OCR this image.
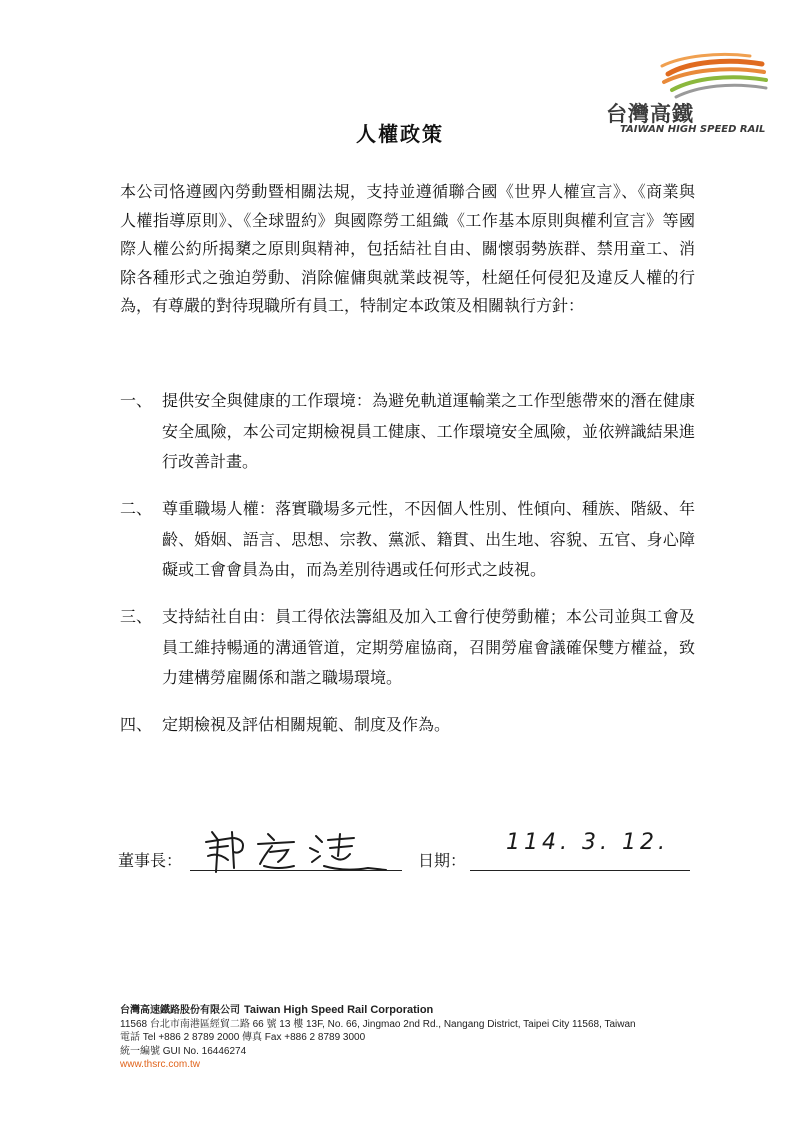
台灣高鐵
TAIWAN HIGH SPEED RAIL
人權政策
本公司恪遵國內勞動暨相關法規，支持並遵循聯合國《世界人權宣言》、《商業與人權指導原則》、《全球盟約》與國際勞工組織《工作基本原則與權利宣言》等國際人權公約所揭櫫之原則與精神，包括結社自由、關懷弱勢族群、禁用童工、消除各種形式之強迫勞動、消除僱傭與就業歧視等，杜絕任何侵犯及違反人權的行為，有尊嚴的對待現職所有員工，特制定本政策及相關執行方針：
一、 提供安全與健康的工作環境：為避免軌道運輸業之工作型態帶來的潛在健康安全風險，本公司定期檢視員工健康、工作環境安全風險，並依辨識結果進行改善計畫。
二、 尊重職場人權：落實職場多元性，不因個人性別、性傾向、種族、階級、年齡、婚姻、語言、思想、宗教、黨派、籍貫、出生地、容貌、五官、身心障礙或工會會員為由，而為差別待遇或任何形式之歧視。
三、 支持結社自由：員工得依法籌組及加入工會行使勞動權；本公司並與工會及員工維持暢通的溝通管道，定期勞雇協商，召開勞雇會議確保雙方權益，致力建構勞雇關係和諧之職場環境。
四、 定期檢視及評估相關規範、制度及作為。
董事長：	日期：
114. 3. 12.
台灣高速鐵路股份有限公司 Taiwan High Speed Rail Corporation
11568 台北市南港區經貿二路 66 號 13 樓 13F, No. 66, Jingmao 2nd Rd., Nangang District, Taipei City 11568, Taiwan
電話 Tel +886 2 8789 2000 傳真 Fax +886 2 8789 3000
統一編號 GUI No. 16446274
www.thsrc.com.tw
